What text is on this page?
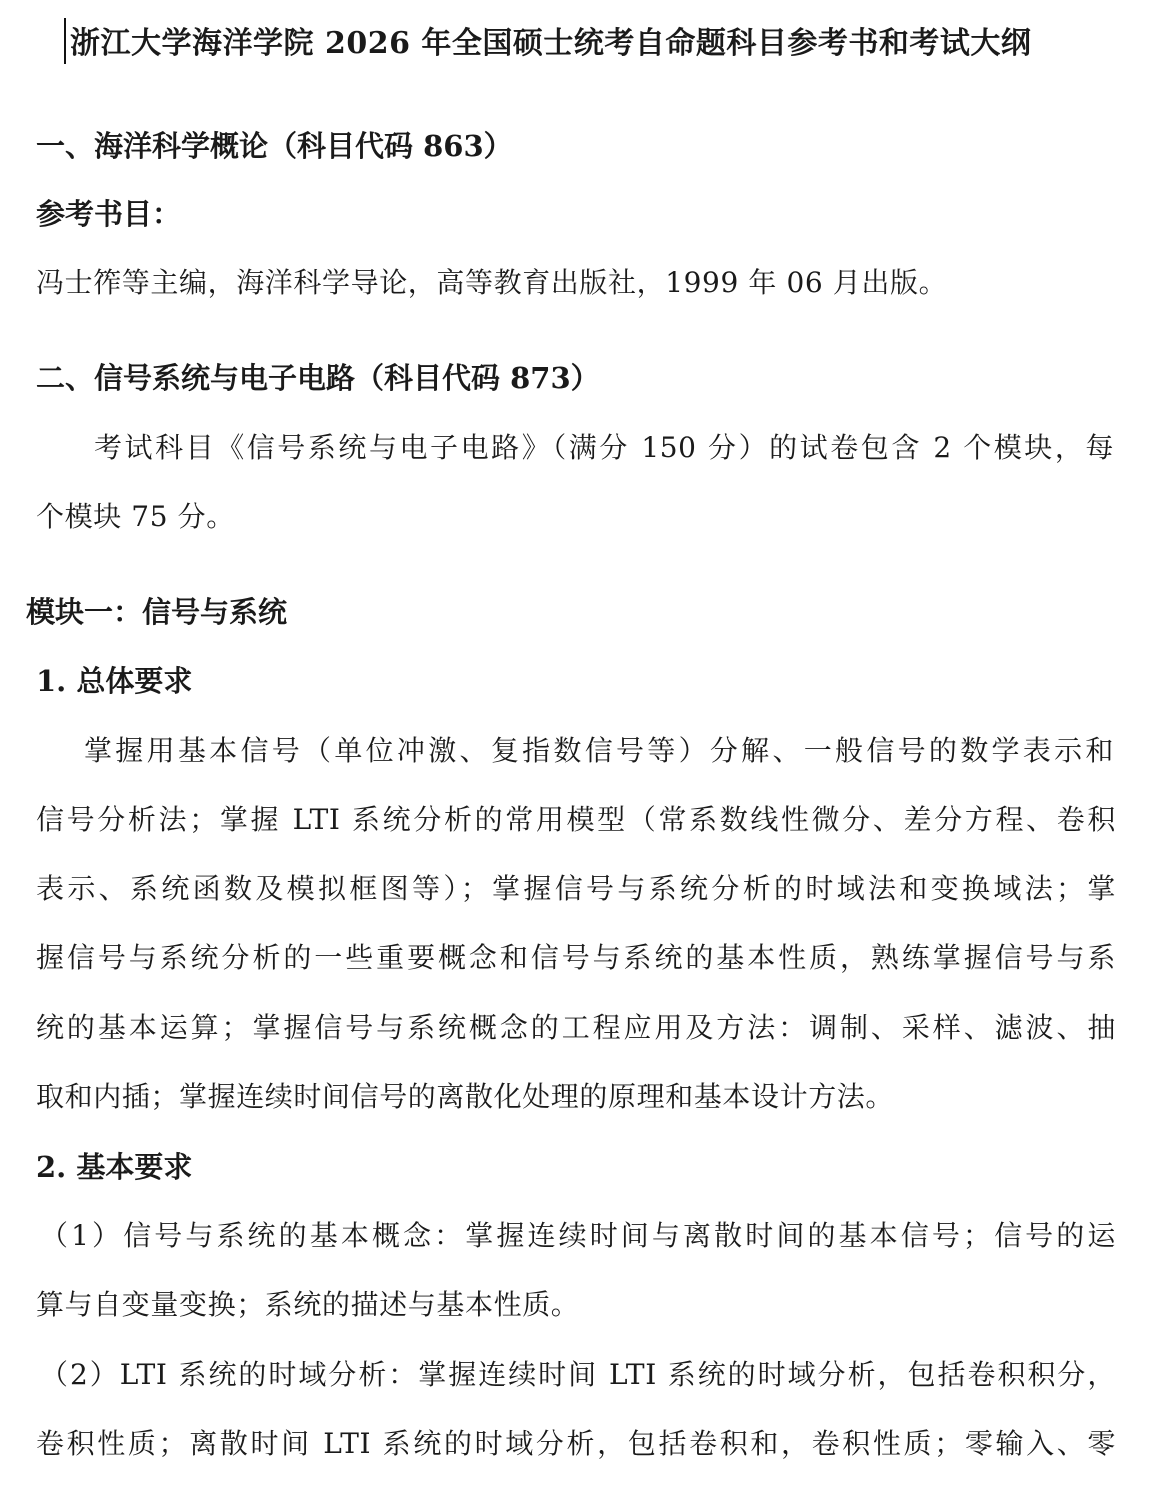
浙江大学海洋学院 2026 年全国硕士统考自命题科目参考书和考试大纲
一、海洋科学概论（科目代码 863）
参考书目：
冯士筰等主编，海洋科学导论，高等教育出版社，1999 年 06 月出版。
二、信号系统与电子电路（科目代码 873）
考试科目《信号系统与电子电路》（满分 150 分）的试卷包含 2 个模块，每
个模块 75 分。
模块一：信号与系统
1. 总体要求
掌握用基本信号（单位冲激、复指数信号等）分解、一般信号的数学表示和
信号分析法；掌握 LTI 系统分析的常用模型（常系数线性微分、差分方程、卷积
表示、系统函数及模拟框图等）；掌握信号与系统分析的时域法和变换域法；掌
握信号与系统分析的一些重要概念和信号与系统的基本性质，熟练掌握信号与系
统的基本运算；掌握信号与系统概念的工程应用及方法：调制、采样、滤波、抽
取和内插；掌握连续时间信号的离散化处理的原理和基本设计方法。
2. 基本要求
（1）信号与系统的基本概念：掌握连续时间与离散时间的基本信号；信号的运
算与自变量变换；系统的描述与基本性质。
（2）LTI 系统的时域分析：掌握连续时间 LTI 系统的时域分析，包括卷积积分，
卷积性质；离散时间 LTI 系统的时域分析，包括卷积和，卷积性质；零输入、零
